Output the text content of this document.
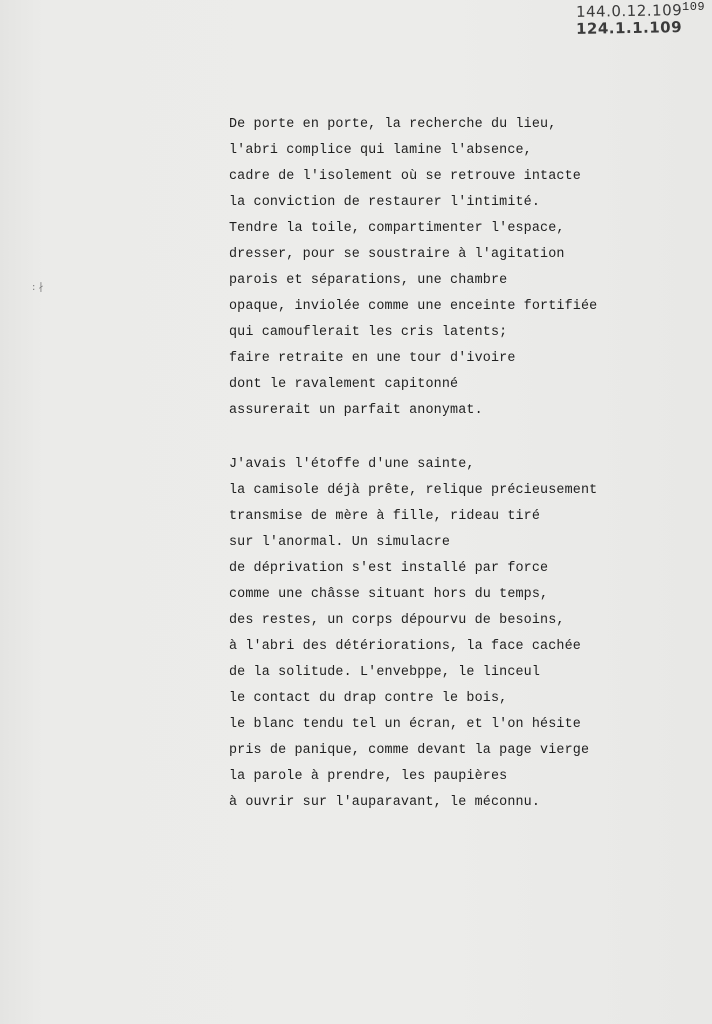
144.0.12.109
124.1.1.109
109
: ∤
De porte en porte, la recherche du lieu,
l'abri complice qui lamine l'absence,
cadre de l'isolement où se retrouve intacte
la conviction de restaurer l'intimité.
Tendre la toile, compartimenter l'espace,
dresser, pour se soustraire à l'agitation
parois et séparations, une chambre
opaque, inviolée comme une enceinte fortifiée
qui camouflerait les cris latents;
faire retraite en une tour d'ivoire
dont le ravalement capitonné
assurerait un parfait anonymat.
J'avais l'étoffe d'une sainte,
la camisole déjà prête, relique précieusement
transmise de mère à fille, rideau tiré
sur l'anormal. Un simulacre
de déprivation s'est installé par force
comme une châsse situant hors du temps,
des restes, un corps dépourvu de besoins,
à l'abri des détériorations, la face cachée
de la solitude. L'envebppe, le linceul
le contact du drap contre le bois,
le blanc tendu tel un écran, et l'on hésite
pris de panique, comme devant la page vierge
la parole à prendre, les paupières
à ouvrir sur l'auparavant, le méconnu.
